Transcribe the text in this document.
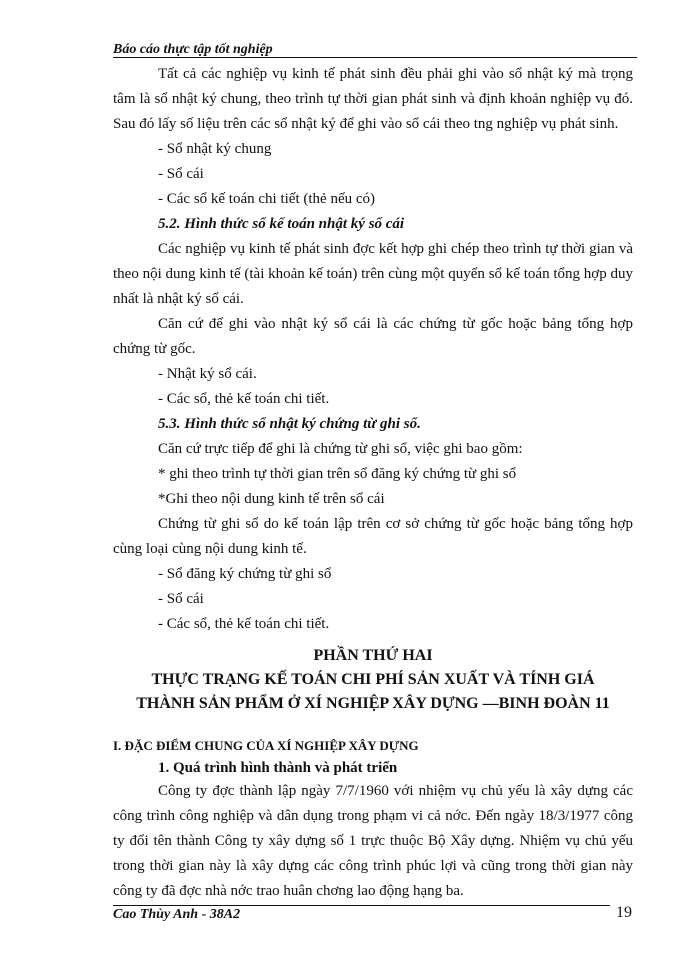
Báo cáo thực tập tốt nghiệp

Tất cả các nghiệp vụ kinh tế phát sinh đều phải ghi vào sổ nhật ký mà trọng tâm là sổ nhật ký chung, theo trình tự thời gian phát sinh và định khoản nghiệp vụ đó. Sau đó lấy số liệu trên các sổ nhật ký để ghi vào sổ cái theo tng nghiệp vụ phát sinh.

- Sổ nhật ký chung
- Sổ cái
- Các sổ kế toán chi tiết (thẻ nếu có)
5.2. Hình thức sổ kế toán nhật ký sổ cái

Các nghiệp vụ kinh tế phát sinh đợc kết hợp ghi chép theo trình tự thời gian và theo nội dung kinh tế (tài khoản kế toán) trên cùng một quyển sổ kế toán tổng hợp duy nhất là nhật ký sổ cái.

Căn cứ để ghi vào nhật ký sổ cái là các chứng từ gốc hoặc bảng tổng hợp chứng từ gốc.

- Nhật ký sổ cái.
- Các sổ, thẻ kế toán chi tiết.
5.3. Hình thức sổ nhật ký chứng từ ghi sổ.
Căn cứ trực tiếp để ghi là chứng từ ghi sổ, việc ghi bao gồm:
* ghi theo trình tự thời gian trên sổ đăng ký chứng từ ghi sổ
*Ghi theo nội dung kinh tế trên sổ cái

Chứng từ ghi sổ do kế toán lập trên cơ sở chứng từ gốc hoặc bảng tổng hợp cùng loại cùng nội dung kinh tế.

- Sổ đăng ký chứng từ ghi sổ
- Sổ cái
- Các sổ, thẻ kế toán chi tiết.

PHẦN THỨ HAI

THỰC TRẠNG KẾ TOÁN CHI PHÍ SẢN XUẤT VÀ TÍNH GIÁ

THÀNH SẢN PHẨM Ở XÍ NGHIỆP XÂY DỰNG —BINH ĐOÀN 11

I. ĐẶC ĐIỂM CHUNG CỦA XÍ NGHIỆP XÂY DỰNG
1. Quá trình hình thành và phát triển

Công ty đợc thành lập ngày 7/7/1960 với nhiệm vụ chủ yếu là xây dựng các công trình công nghiệp và dân dụng trong phạm vi cả nớc. Đến ngày 18/3/1977 công ty đổi tên thành Công ty xây dựng số 1 trực thuộc Bộ Xây dựng. Nhiệm vụ chủ yếu trong thời gian này là xây dựng các công trình phúc lợi và cũng trong thời gian này công ty đã đợc nhà nớc trao huân chơng lao động hạng ba.

Cao Thùy Anh - 38A2	19
